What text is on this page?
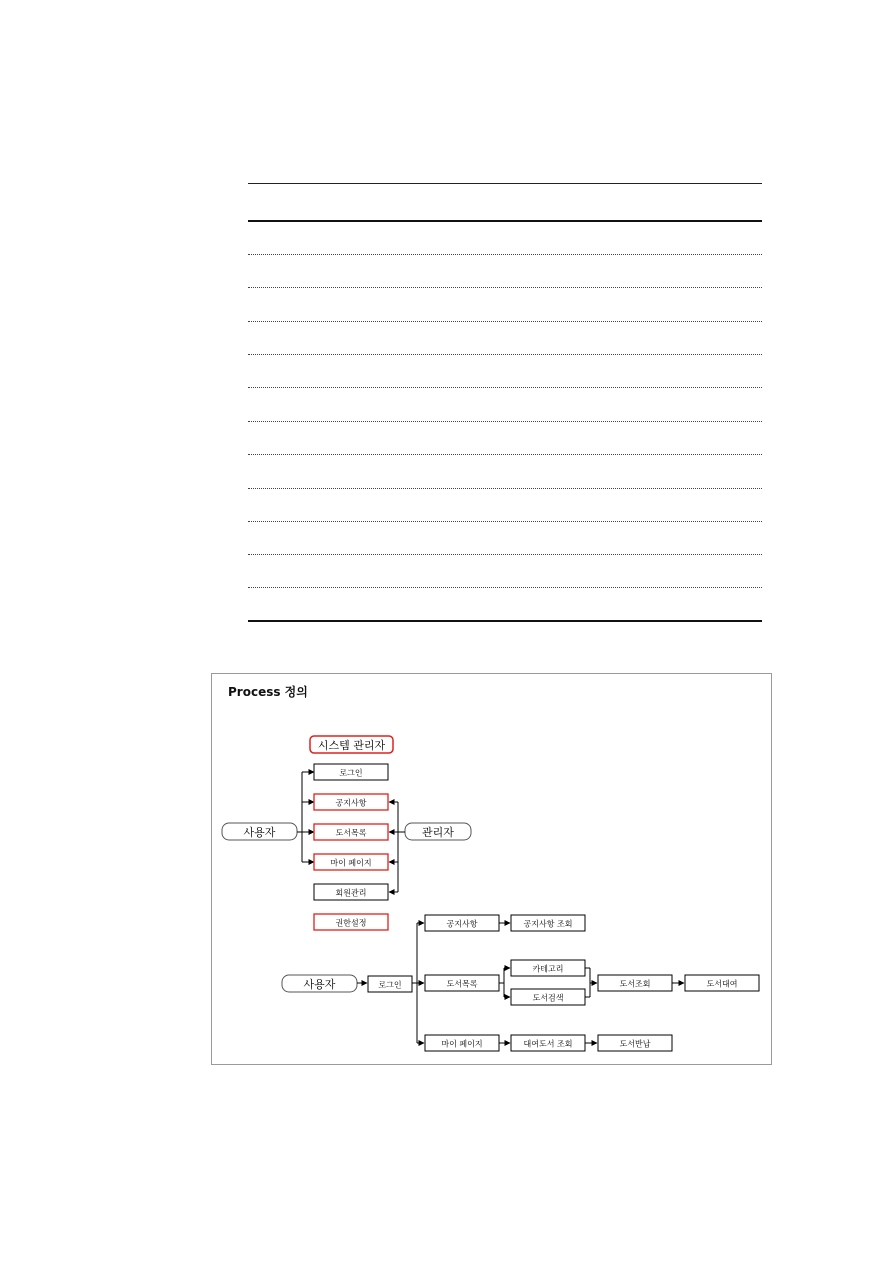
Process 정의
시스템 관리자
사용자	관리자
로그인
공지사항
도서목록
마이 페이지
회원관리
권한설정
사용자	로그인
공지사항	공지사항 조회
도서목록
카테고리
도서검색
도서조회	도서대여
마이 페이지	대여도서 조회	도서반납
